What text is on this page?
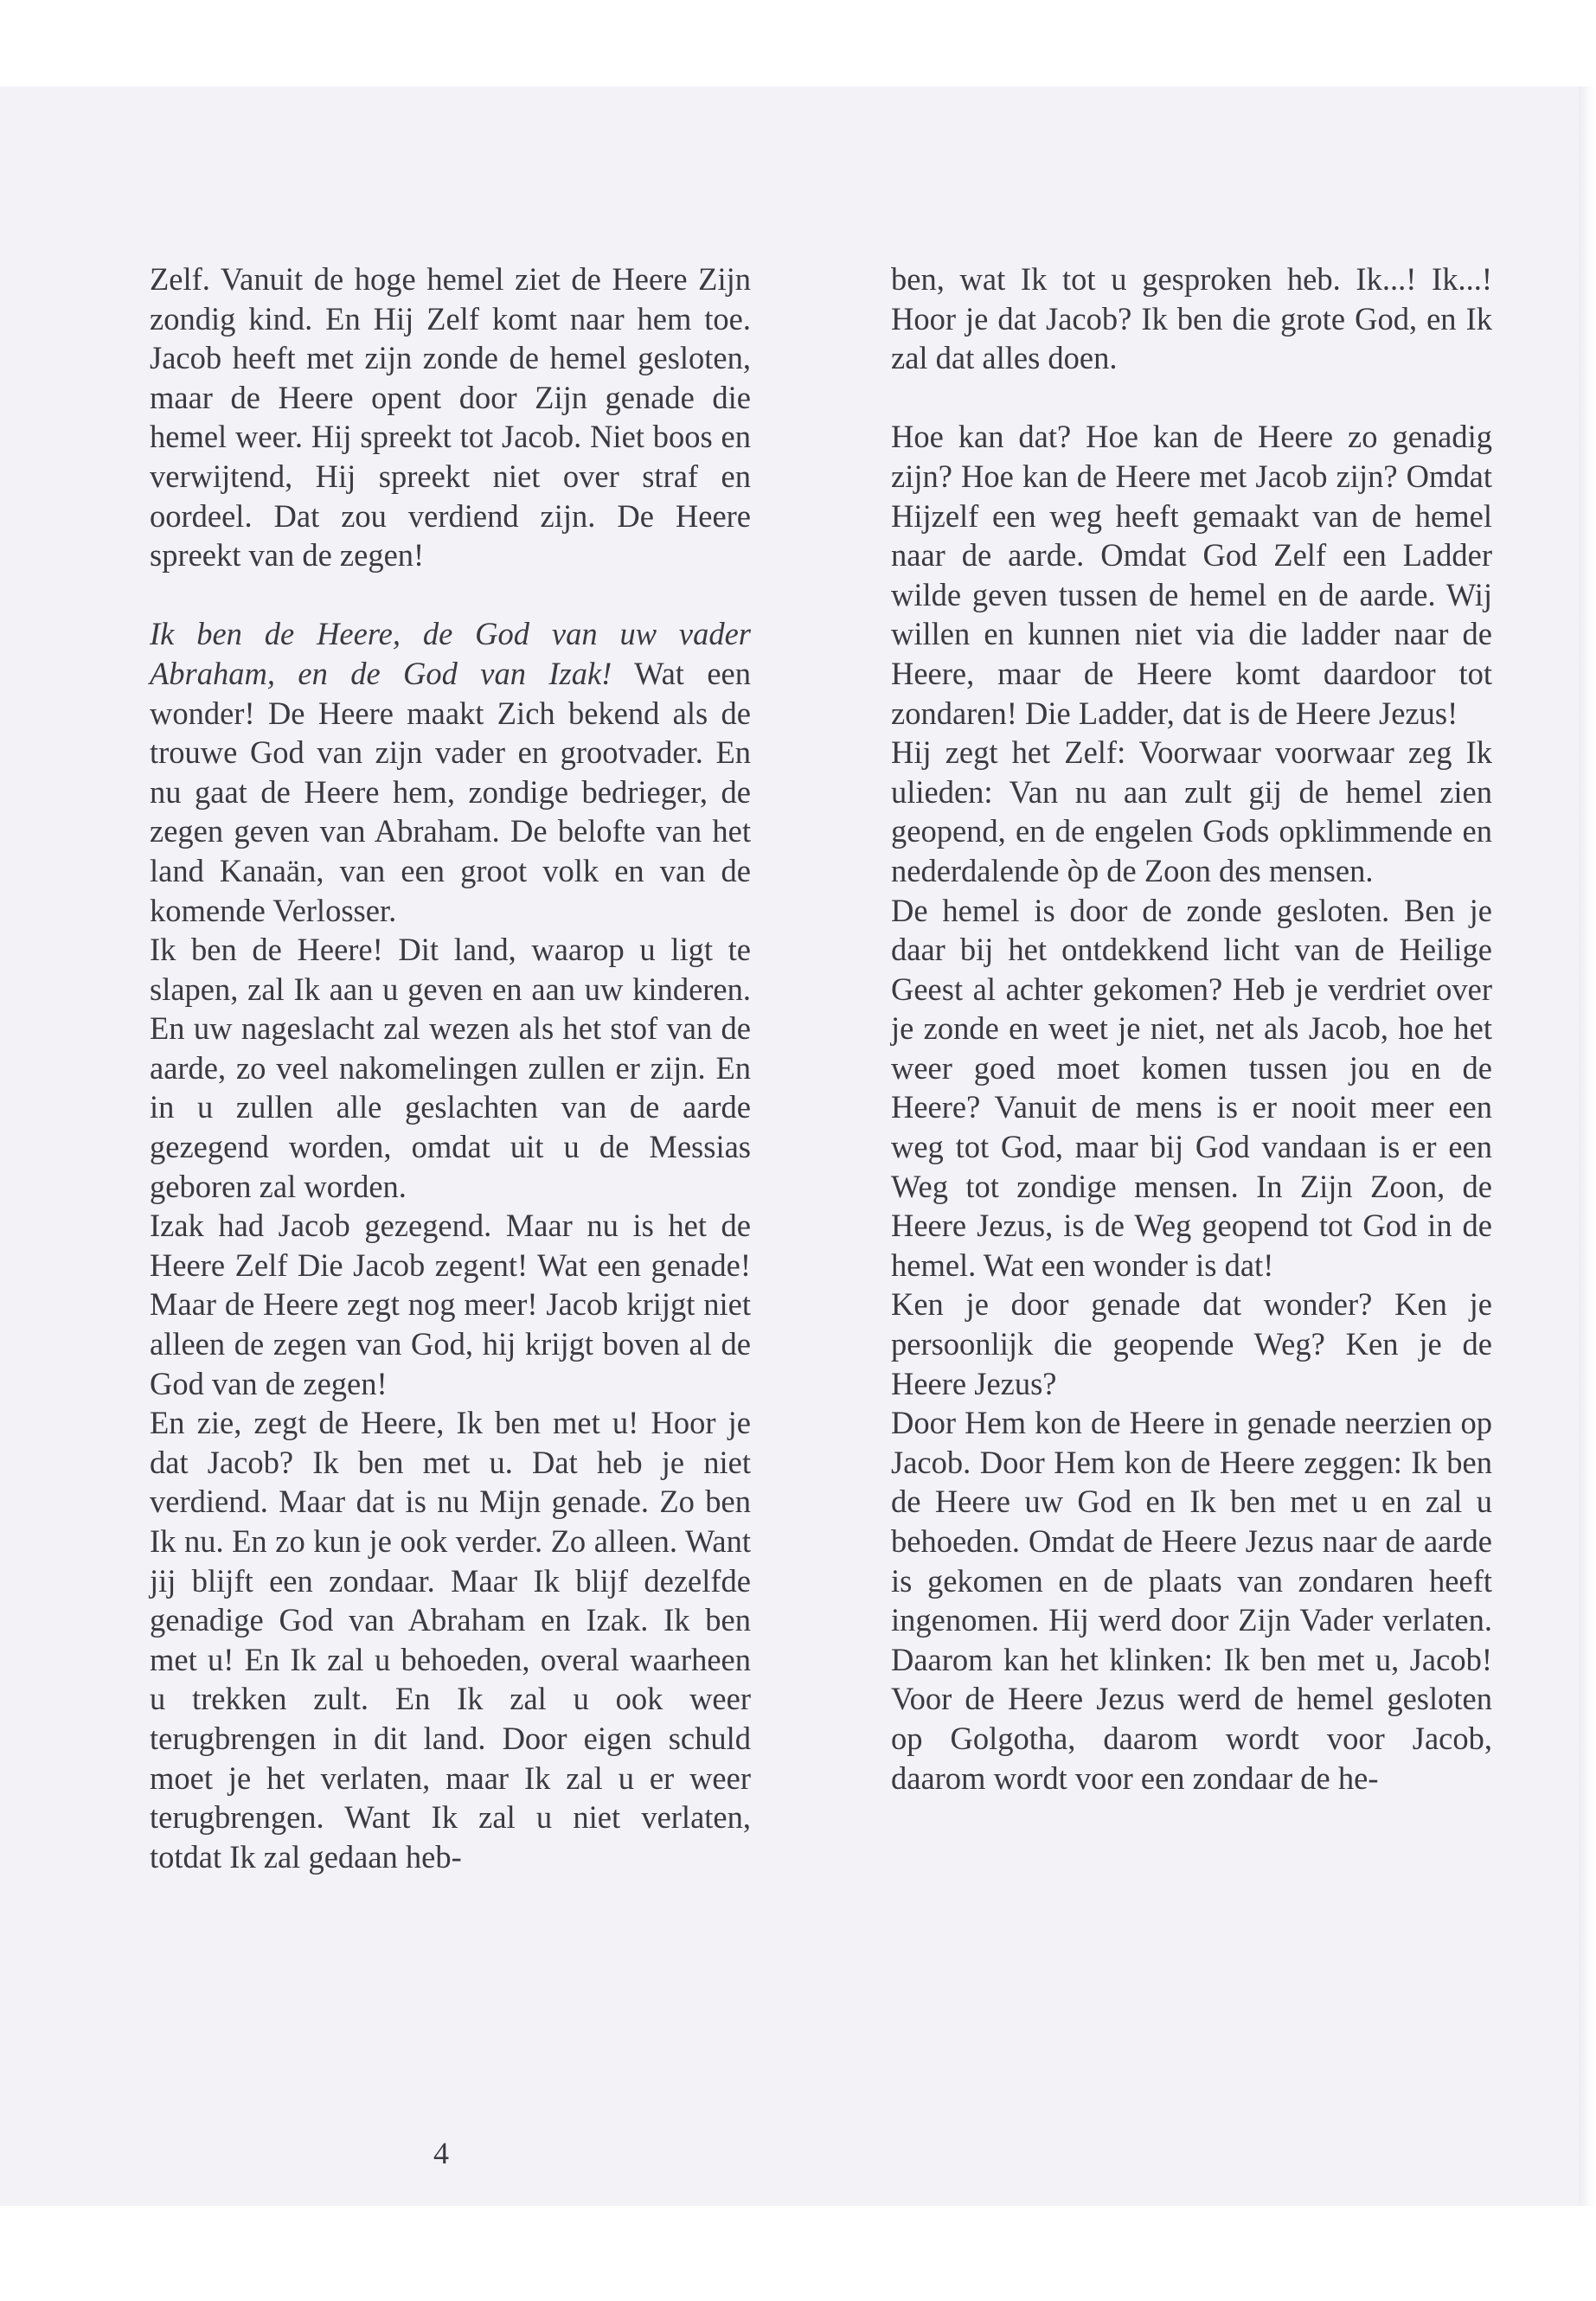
Zelf. Vanuit de hoge hemel ziet de Heere Zijn zondig kind. En Hij Zelf komt naar hem toe. Jacob heeft met zijn zonde de hemel gesloten, maar de Heere opent door Zijn genade die hemel weer. Hij spreekt tot Jacob. Niet boos en verwijtend, Hij spreekt niet over straf en oordeel. Dat zou verdiend zijn. De Heere spreekt van de zegen!

Ik ben de Heere, de God van uw vader Abraham, en de God van Izak! Wat een wonder! De Heere maakt Zich bekend als de trouwe God van zijn vader en grootvader. En nu gaat de Heere hem, zondige bedrieger, de zegen geven van Abraham. De belofte van het land Kanaän, van een groot volk en van de komende Verlosser.

Ik ben de Heere! Dit land, waarop u ligt te slapen, zal Ik aan u geven en aan uw kinderen. En uw nageslacht zal wezen als het stof van de aarde, zo veel nakomelingen zullen er zijn. En in u zullen alle geslachten van de aarde gezegend worden, omdat uit u de Messias geboren zal worden.

Izak had Jacob gezegend. Maar nu is het de Heere Zelf Die Jacob zegent! Wat een genade! Maar de Heere zegt nog meer! Jacob krijgt niet alleen de zegen van God, hij krijgt boven al de God van de zegen!

En zie, zegt de Heere, Ik ben met u! Hoor je dat Jacob? Ik ben met u. Dat heb je niet verdiend. Maar dat is nu Mijn genade. Zo ben Ik nu. En zo kun je ook verder. Zo alleen. Want jij blijft een zondaar. Maar Ik blijf dezelfde genadige God van Abraham en Izak. Ik ben met u! En Ik zal u behoeden, overal waarheen u trekken zult. En Ik zal u ook weer terugbrengen in dit land. Door eigen schuld moet je het verlaten, maar Ik zal u er weer terugbrengen. Want Ik zal u niet verlaten, totdat Ik zal gedaan heb-

ben, wat Ik tot u gesproken heb. Ik...! Ik...! Hoor je dat Jacob? Ik ben die grote God, en Ik zal dat alles doen.

Hoe kan dat? Hoe kan de Heere zo genadig zijn? Hoe kan de Heere met Jacob zijn? Omdat Hijzelf een weg heeft gemaakt van de hemel naar de aarde. Omdat God Zelf een Ladder wilde geven tussen de hemel en de aarde. Wij willen en kunnen niet via die ladder naar de Heere, maar de Heere komt daardoor tot zondaren! Die Ladder, dat is de Heere Jezus!

Hij zegt het Zelf: Voorwaar voorwaar zeg Ik ulieden: Van nu aan zult gij de hemel zien geopend, en de engelen Gods opklimmende en nederdalende òp de Zoon des mensen.

De hemel is door de zonde gesloten. Ben je daar bij het ontdekkend licht van de Heilige Geest al achter gekomen? Heb je verdriet over je zonde en weet je niet, net als Jacob, hoe het weer goed moet komen tussen jou en de Heere? Vanuit de mens is er nooit meer een weg tot God, maar bij God vandaan is er een Weg tot zondige mensen. In Zijn Zoon, de Heere Jezus, is de Weg geopend tot God in de hemel. Wat een wonder is dat!

Ken je door genade dat wonder? Ken je persoonlijk die geopende Weg? Ken je de Heere Jezus?

Door Hem kon de Heere in genade neerzien op Jacob. Door Hem kon de Heere zeggen: Ik ben de Heere uw God en Ik ben met u en zal u behoeden. Omdat de Heere Jezus naar de aarde is gekomen en de plaats van zondaren heeft ingenomen. Hij werd door Zijn Vader verlaten. Daarom kan het klinken: Ik ben met u, Jacob! Voor de Heere Jezus werd de hemel gesloten op Golgotha, daarom wordt voor Jacob, daarom wordt voor een zondaar de he-

4
